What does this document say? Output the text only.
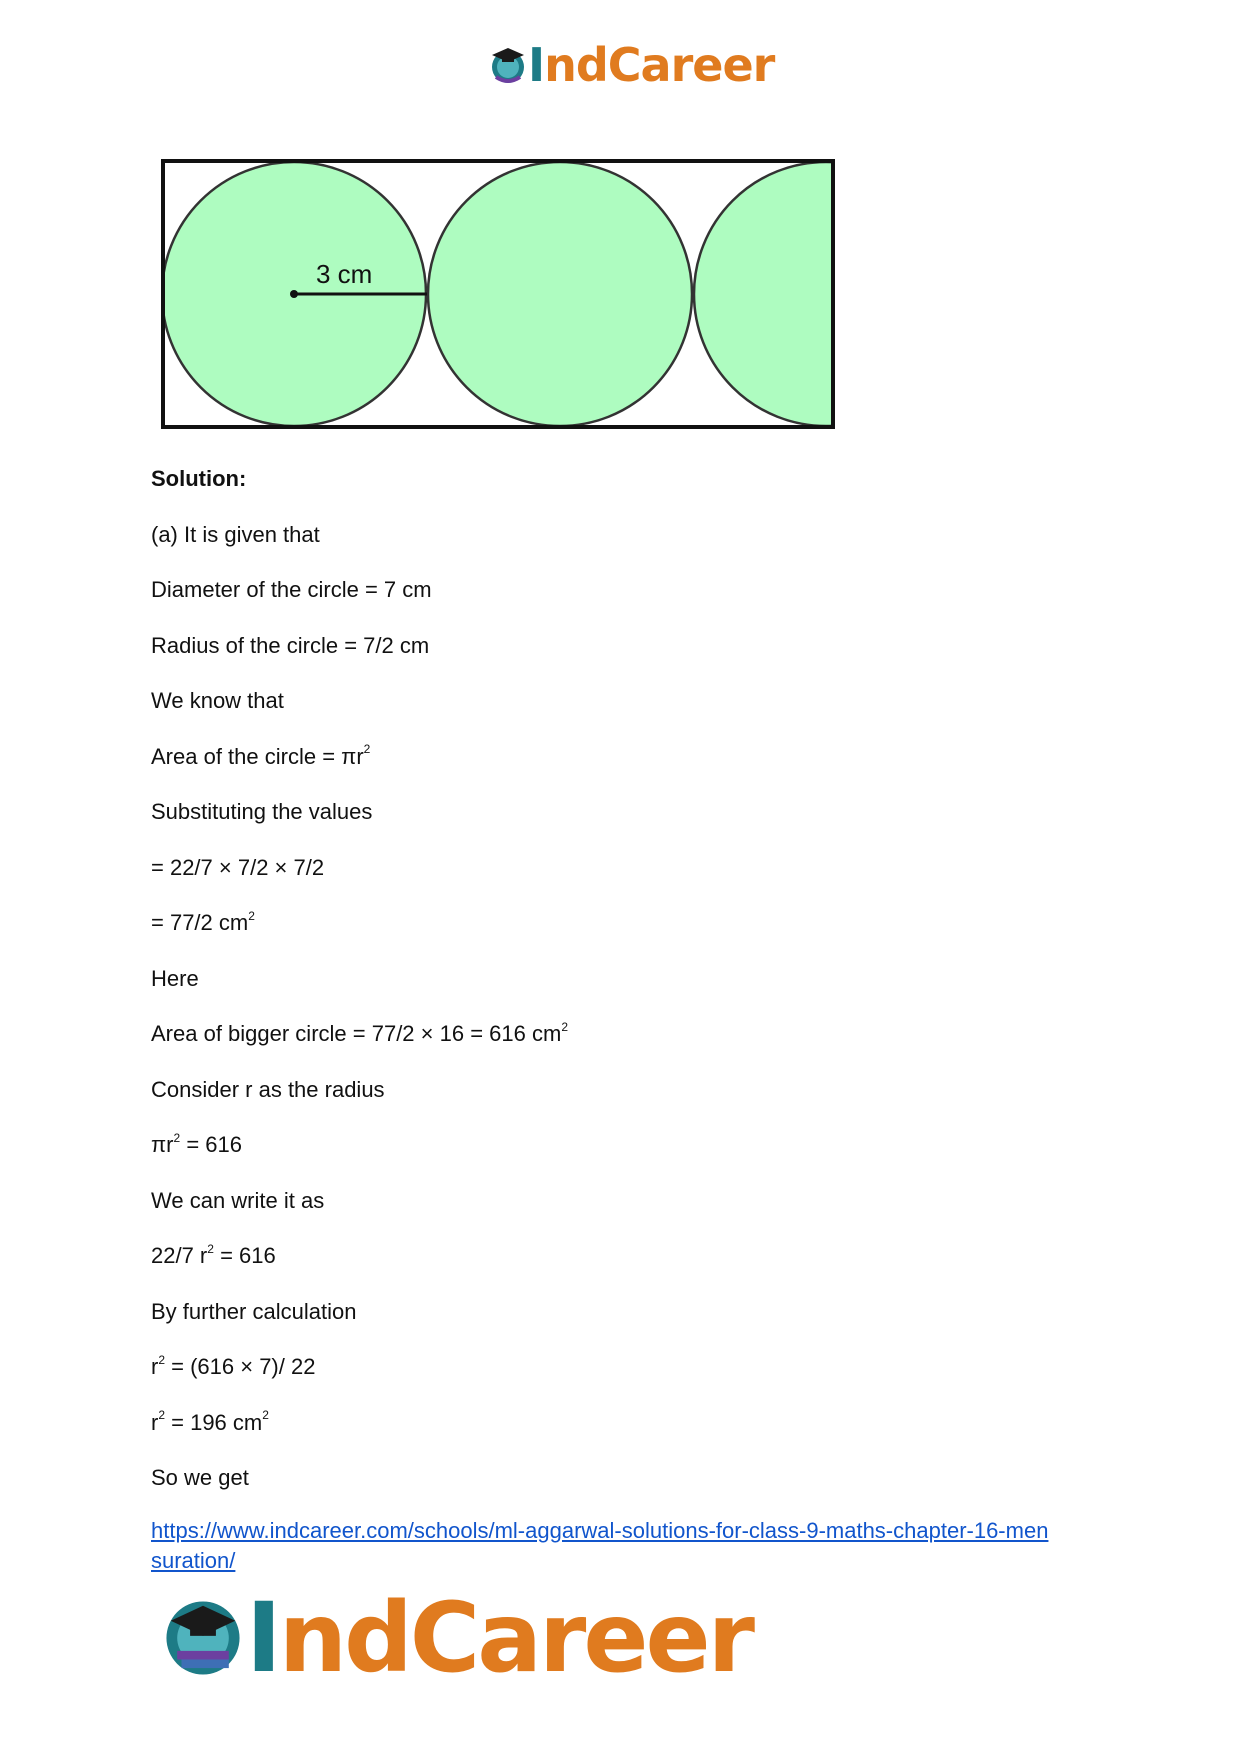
IndCareer
3 cm
Solution:
(a) It is given that
Diameter of the circle = 7 cm
Radius of the circle = 7/2 cm
We know that
Area of the circle = $\pi r^2$
Substituting the values
= 22/7 × 7/2 × 7/2
= 77/2 $cm^2$
Here
Area of bigger circle = 77/2 × 16 = 616 $cm^2$
Consider r as the radius
$\pi r^2 = 616$
We can write it as
22/7 $r^2 = 616$
By further calculation
$r^2 = (616 \times 7)/$ 22
$r^2 = 196$ $cm^2$
So we get
https://www.indcareer.com/schools/ml-aggarwal-solutions-for-class-9-maths-chapter-16-men
suration/
IndCareer
